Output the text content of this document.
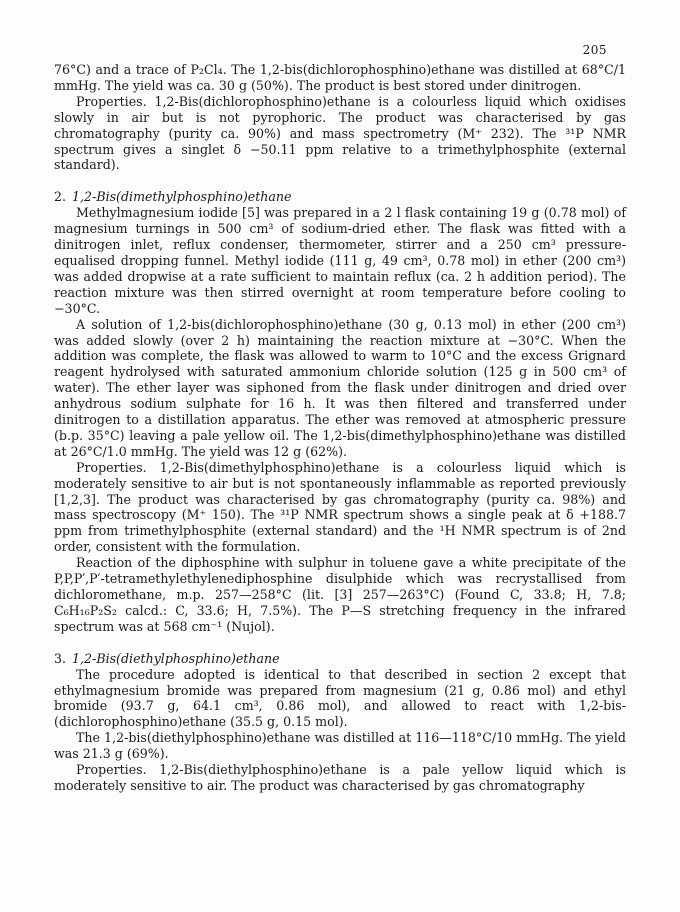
205

76°C) and a trace of P₂Cl₄. The 1,2-bis(dichlorophosphino)ethane was distilled at 68°C/1 mmHg. The yield was ca. 30 g (50%). The product is best stored under dinitrogen.

Properties. 1,2-Bis(dichlorophosphino)ethane is a colourless liquid which oxidises slowly in air but is not pyrophoric. The product was characterised by gas chromatography (purity ca. 90%) and mass spectrometry (M⁺ 232). The ³¹P NMR spectrum gives a singlet δ −50.11 ppm relative to a trimethylphosphite (external standard).

2. 1,2-Bis(dimethylphosphino)ethane

Methylmagnesium iodide [5] was prepared in a 2 l flask containing 19 g (0.78 mol) of magnesium turnings in 500 cm³ of sodium-dried ether. The flask was fitted with a dinitrogen inlet, reflux condenser, thermometer, stirrer and a 250 cm³ pressure-equalised dropping funnel. Methyl iodide (111 g, 49 cm³, 0.78 mol) in ether (200 cm³) was added dropwise at a rate sufficient to maintain reflux (ca. 2 h addition period). The reaction mixture was then stirred overnight at room temperature before cooling to −30°C.

A solution of 1,2-bis(dichlorophosphino)ethane (30 g, 0.13 mol) in ether (200 cm³) was added slowly (over 2 h) maintaining the reaction mixture at −30°C. When the addition was complete, the flask was allowed to warm to 10°C and the excess Grignard reagent hydrolysed with saturated ammonium chloride solution (125 g in 500 cm³ of water). The ether layer was siphoned from the flask under dinitrogen and dried over anhydrous sodium sulphate for 16 h. It was then filtered and transferred under dinitrogen to a distillation apparatus. The ether was removed at atmospheric pressure (b.p. 35°C) leaving a pale yellow oil. The 1,2-bis(dimethylphosphino)ethane was distilled at 26°C/1.0 mmHg. The yield was 12 g (62%).

Properties. 1,2-Bis(dimethylphosphino)ethane is a colourless liquid which is moderately sensitive to air but is not spontaneously inflammable as reported previously [1,2,3]. The product was characterised by gas chromatography (purity ca. 98%) and mass spectroscopy (M⁺ 150). The ³¹P NMR spectrum shows a single peak at δ +188.7 ppm from trimethylphosphite (external standard) and the ¹H NMR spectrum is of 2nd order, consistent with the formulation.

Reaction of the diphosphine with sulphur in toluene gave a white precipitate of the P,P,P′,P′-tetramethylethylenediphosphine disulphide which was recrystallised from dichloromethane, m.p. 257—258°C (lit. [3] 257—263°C) (Found C, 33.8; H, 7.8; C₆H₁₆P₂S₂ calcd.: C, 33.6; H, 7.5%). The P—S stretching frequency in the infrared spectrum was at 568 cm⁻¹ (Nujol).

3. 1,2-Bis(diethylphosphino)ethane

The procedure adopted is identical to that described in section 2 except that ethylmagnesium bromide was prepared from magnesium (21 g, 0.86 mol) and ethyl bromide (93.7 g, 64.1 cm³, 0.86 mol), and allowed to react with 1,2-bis-(dichlorophosphino)ethane (35.5 g, 0.15 mol).

The 1,2-bis(diethylphosphino)ethane was distilled at 116—118°C/10 mmHg. The yield was 21.3 g (69%).

Properties. 1,2-Bis(diethylphosphino)ethane is a pale yellow liquid which is moderately sensitive to air. The product was characterised by gas chromatography
